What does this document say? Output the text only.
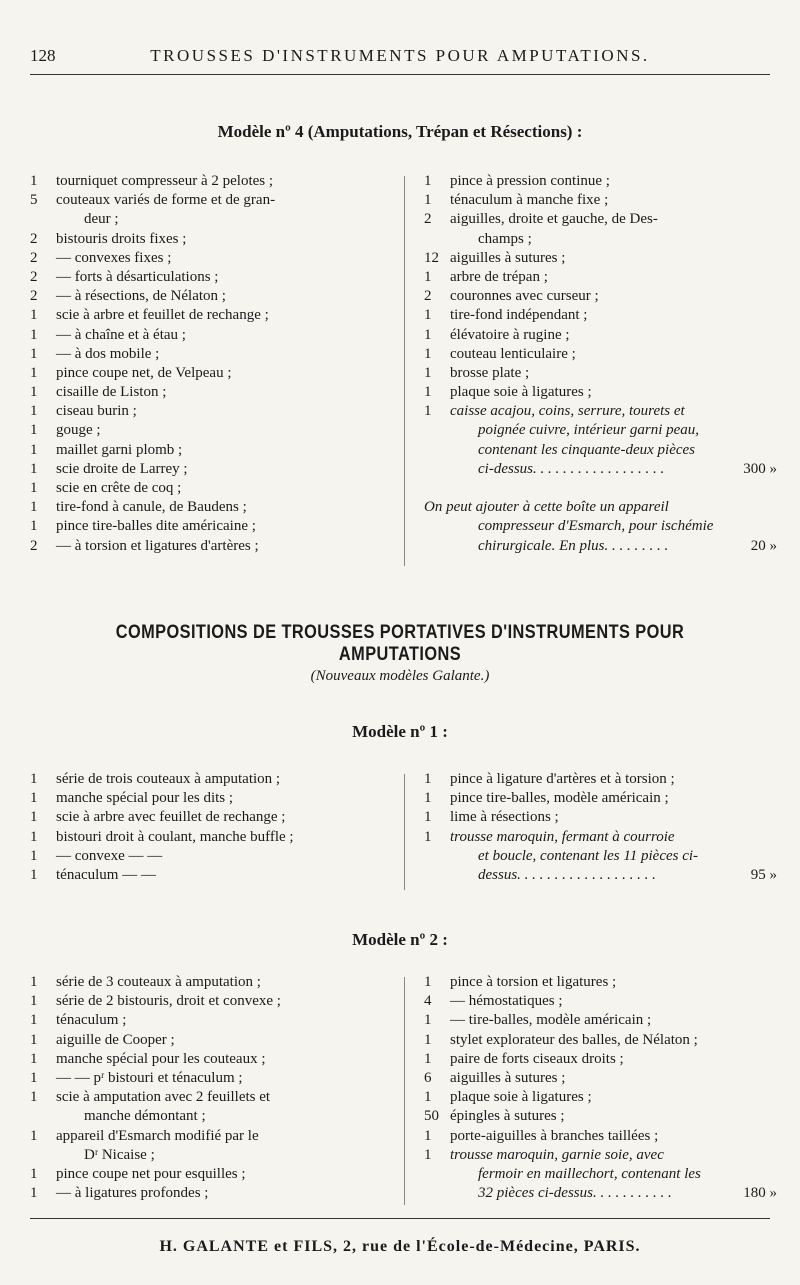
128	TROUSSES D'INSTRUMENTS POUR AMPUTATIONS.
Modèle nº 4 (Amputations, Trépan et Résections) :
1 tourniquet compresseur à 2 pelotes ;
5 couteaux variés de forme et de gran-
deur ;
2 bistouris droits fixes ;
2 — convexes fixes ;
2 — forts à désarticulations ;
2 — à résections, de Nélaton ;
1 scie à arbre et feuillet de rechange ;
1 — à chaîne et à étau ;
1 — à dos mobile ;
1 pince coupe net, de Velpeau ;
1 cisaille de Liston ;
1 ciseau burin ;
1 gouge ;
1 maillet garni plomb ;
1 scie droite de Larrey ;
1 scie en crête de coq ;
1 tire-fond à canule, de Baudens ;
1 pince tire-balles dite américaine ;
2 — à torsion et ligatures d'artères ;
1 pince à pression continue ;
1 ténaculum à manche fixe ;
2 aiguilles, droite et gauche, de Des-
champs ;
12 aiguilles à sutures ;
1 arbre de trépan ;
2 couronnes avec curseur ;
1 tire-fond indépendant ;
1 élévatoire à rugine ;
1 couteau lenticulaire ;
1 brosse plate ;
1 plaque soie à ligatures ;
1 caisse acajou, coins, serrure, tourets et
poignée cuivre, intérieur garni peau,
contenant les cinquante-deux pièces
ci-dessus. . . . . . . . . . . . . . . . . .	300 »
On peut ajouter à cette boîte un appareil
compresseur d'Esmarch, pour ischémie
chirurgicale. En plus. . . . . . . . .	20 »
COMPOSITIONS DE TROUSSES PORTATIVES D'INSTRUMENTS POUR AMPUTATIONS
(Nouveaux modèles Galante.)
Modèle nº 1 :
1 série de trois couteaux à amputation ;
1 manche spécial pour les dits ;
1 scie à arbre avec feuillet de rechange ;
1 bistouri droit à coulant, manche buffle ;
1 — convexe — —
1 ténaculum — —
1 pince à ligature d'artères et à torsion ;
1 pince tire-balles, modèle américain ;
1 lime à résections ;
1 trousse maroquin, fermant à courroie
et boucle, contenant les 11 pièces ci-
dessus. . . . . . . . . . . . . . . . . . .	95 »
Modèle nº 2 :
1 série de 3 couteaux à amputation ;
1 série de 2 bistouris, droit et convexe ;
1 ténaculum ;
1 aiguille de Cooper ;
1 manche spécial pour les couteaux ;
1 — — pʳ bistouri et ténaculum ;
1 scie à amputation avec 2 feuillets et
manche démontant ;
1 appareil d'Esmarch modifié par le
Dʳ Nicaise ;
1 pince coupe net pour esquilles ;
1 — à ligatures profondes ;
1 pince à torsion et ligatures ;
4 — hémostatiques ;
1 — tire-balles, modèle américain ;
1 stylet explorateur des balles, de Nélaton ;
1 paire de forts ciseaux droits ;
6 aiguilles à sutures ;
1 plaque soie à ligatures ;
50 épingles à sutures ;
1 porte-aiguilles à branches taillées ;
1 trousse maroquin, garnie soie, avec
fermoir en maillechort, contenant les
32 pièces ci-dessus. . . . . . . . . . .	180 »
H. GALANTE et FILS, 2, rue de l'École-de-Médecine, PARIS.
